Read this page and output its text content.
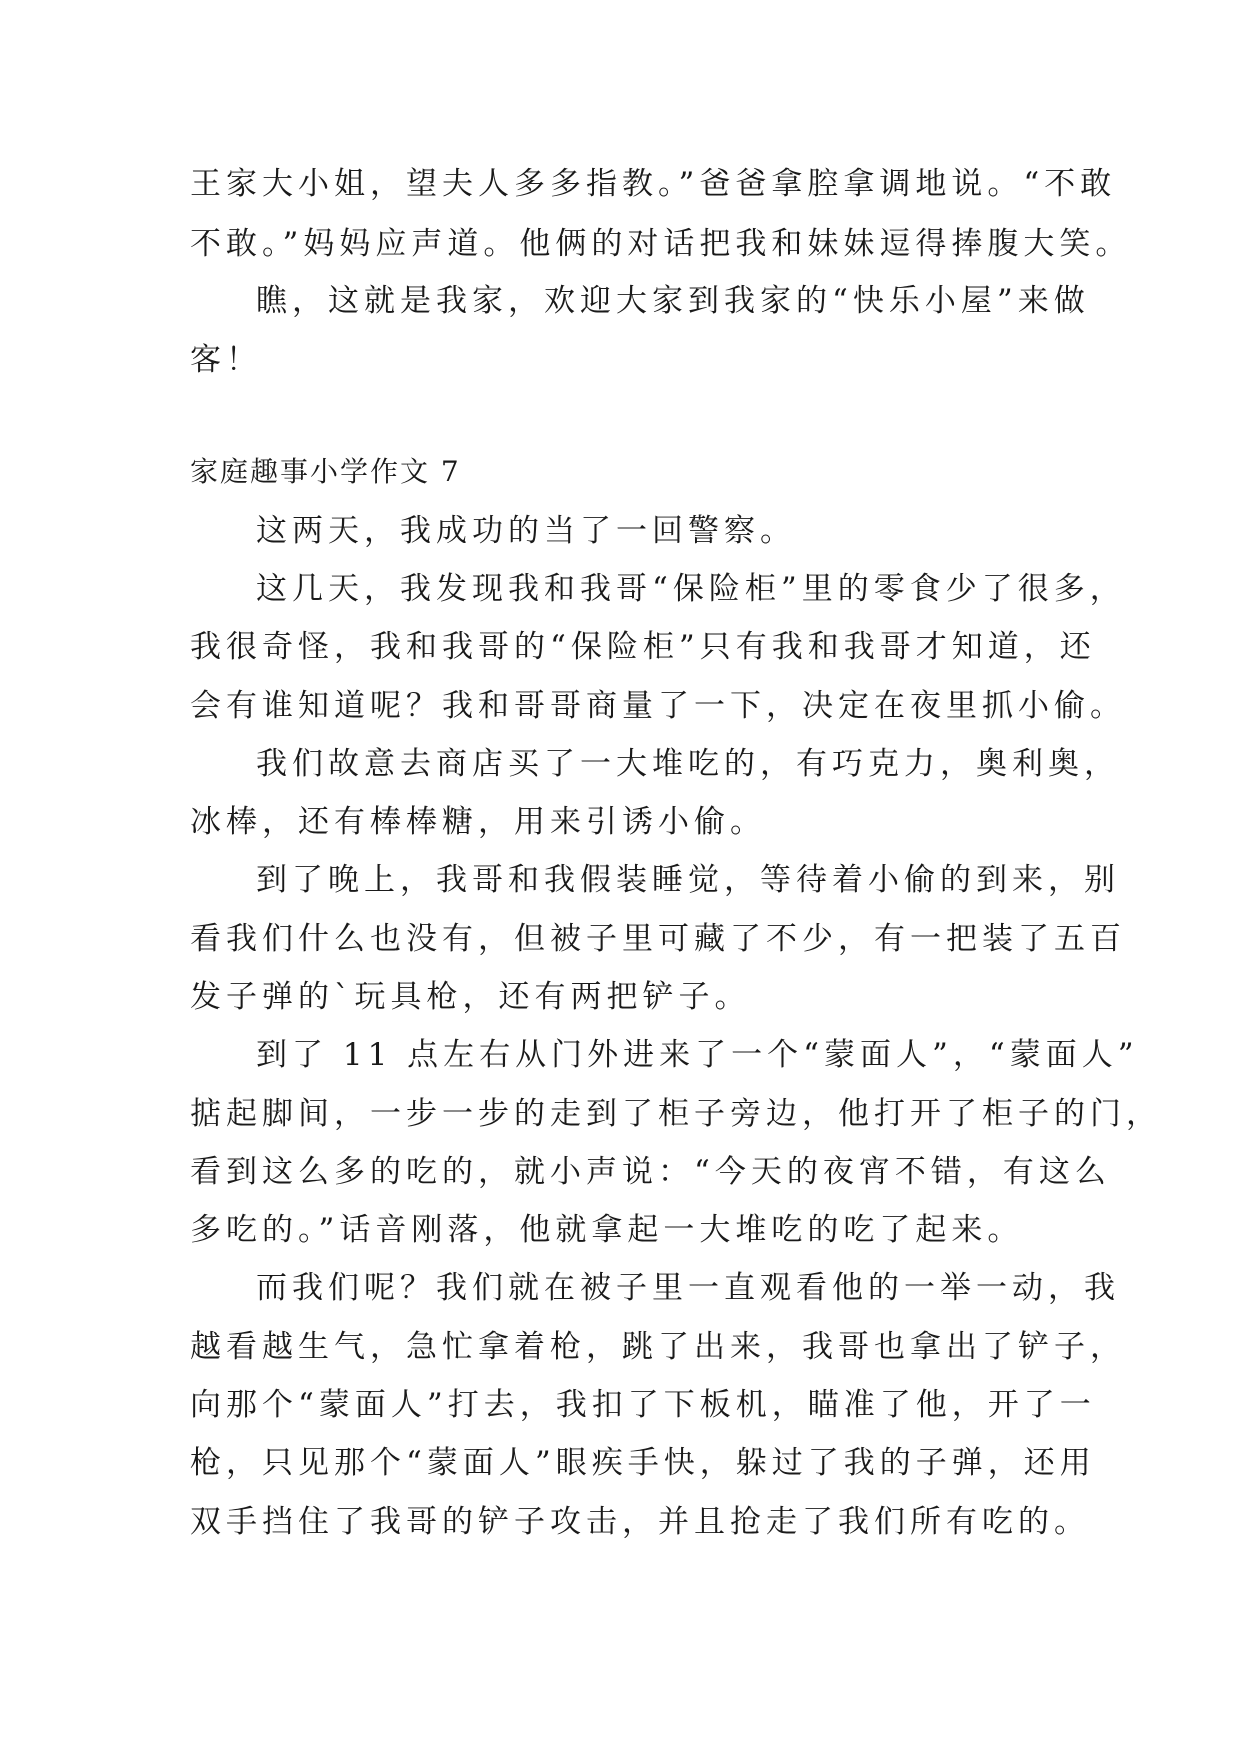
王家大小姐，望夫人多多指教。”爸爸拿腔拿调地说。“不敢
不敢。”妈妈应声道。他俩的对话把我和妹妹逗得捧腹大笑。
瞧，这就是我家，欢迎大家到我家的“快乐小屋”来做
客！
家庭趣事小学作文 7
这两天，我成功的当了一回警察。
这几天，我发现我和我哥“保险柜”里的零食少了很多，
我很奇怪，我和我哥的“保险柜”只有我和我哥才知道，还
会有谁知道呢？我和哥哥商量了一下，决定在夜里抓小偷。
我们故意去商店买了一大堆吃的，有巧克力，奥利奥，
冰棒，还有棒棒糖，用来引诱小偷。
到了晚上，我哥和我假装睡觉，等待着小偷的到来，别
看我们什么也没有，但被子里可藏了不少，有一把装了五百
发子弹的`玩具枪，还有两把铲子。
到了 11 点左右从门外进来了一个“蒙面人”，“蒙面人”
掂起脚间，一步一步的走到了柜子旁边，他打开了柜子的门，
看到这么多的吃的，就小声说：“今天的夜宵不错，有这么
多吃的。”话音刚落，他就拿起一大堆吃的吃了起来。
而我们呢？我们就在被子里一直观看他的一举一动，我
越看越生气，急忙拿着枪，跳了出来，我哥也拿出了铲子，
向那个“蒙面人”打去，我扣了下板机，瞄准了他，开了一
枪，只见那个“蒙面人”眼疾手快，躲过了我的子弹，还用
双手挡住了我哥的铲子攻击，并且抢走了我们所有吃的。
